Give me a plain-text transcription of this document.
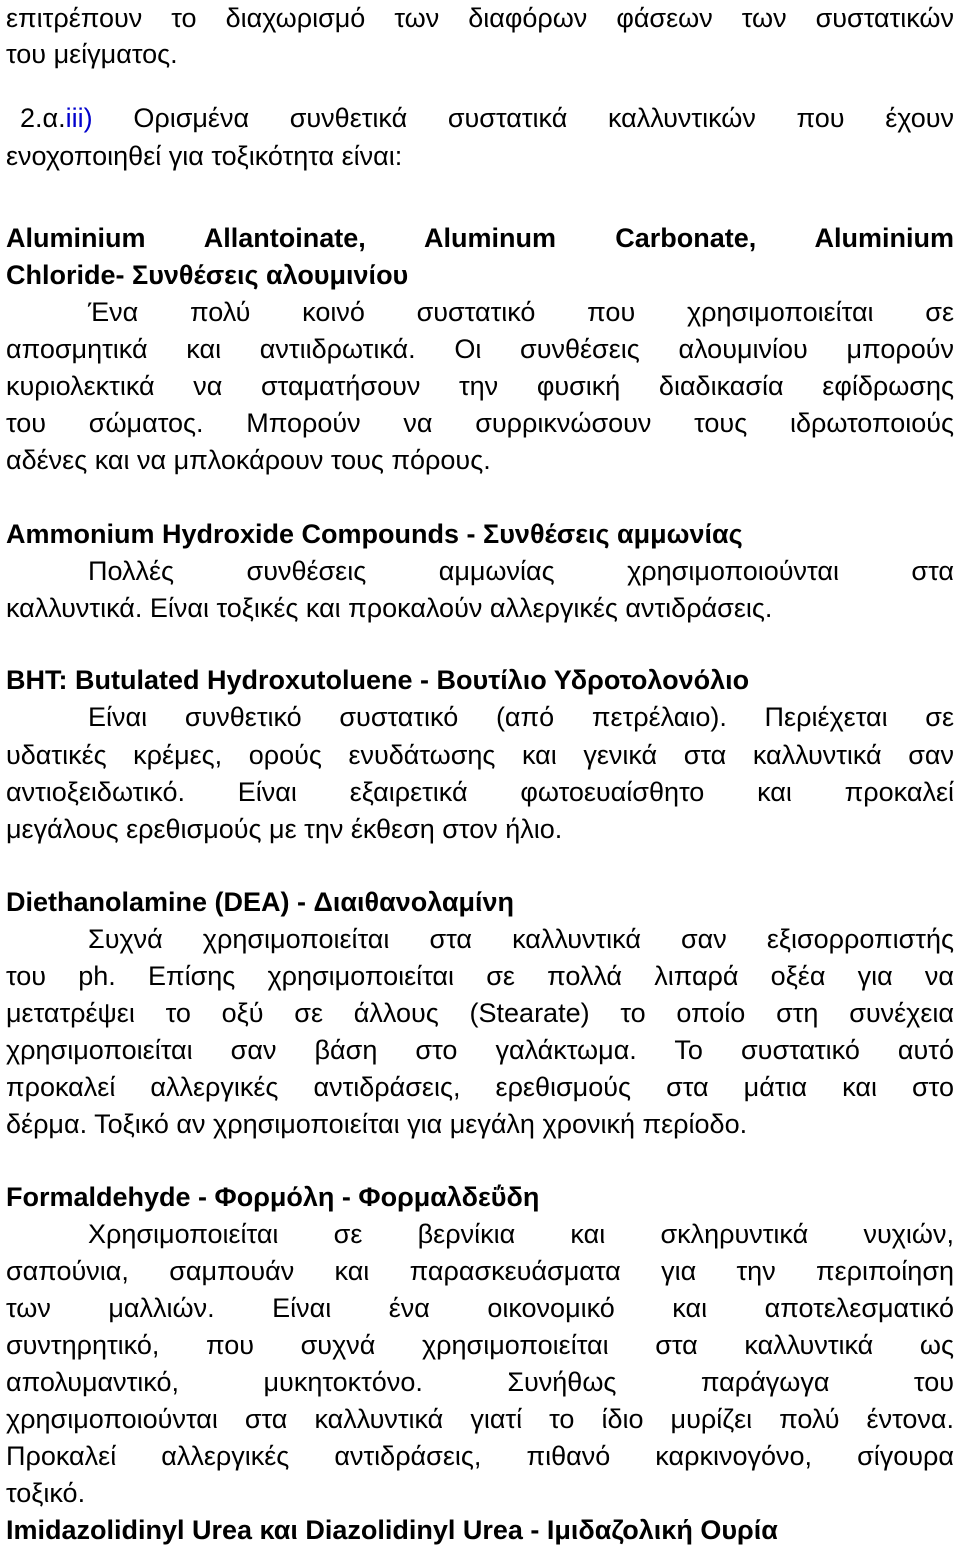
επιτρέπουν το διαχωρισμό των διαφόρων φάσεων των συστατικών
του μείγματος.
2.α.iii) Ορισμένα συνθετικά συστατικά καλλυντικών που έχουν
ενοχοποιηθεί για τοξικότητα είναι:
Aluminium Allantoinate, Aluminum Carbonate, Aluminium
Chloride- Συνθέσεις αλουμινίου
Ένα πολύ κοινό συστατικό που χρησιμοποιείται σε
αποσμητικά και αντιιδρωτικά. Οι συνθέσεις αλουμινίου μπορούν
κυριολεκτικά να σταματήσουν την φυσική διαδικασία εφίδρωσης
του σώματος. Μπορούν να συρρικνώσουν τους ιδρωτοποιούς
αδένες και να μπλοκάρουν τους πόρους.
Ammonium Hydroxide Compounds - Συνθέσεις αμμωνίας
Πολλές συνθέσεις αμμωνίας χρησιμοποιούνται στα
καλλυντικά. Είναι τοξικές και προκαλούν αλλεργικές αντιδράσεις.
BHT: Butulated Hydroxutoluene - Βουτίλιο Υδροτολονόλιο
Είναι συνθετικό συστατικό (από πετρέλαιο). Περιέχεται σε
υδατικές κρέμες, ορούς ενυδάτωσης και γενικά στα καλλυντικά σαν
αντιοξειδωτικό. Είναι εξαιρετικά φωτοευαίσθητο και προκαλεί
μεγάλους ερεθισμούς με την έκθεση στον ήλιο.
Diethanolamine (DEA) - Διαιθανολαμίνη
Συχνά χρησιμοποιείται στα καλλυντικά σαν εξισορροπιστής
του ph. Επίσης χρησιμοποιείται σε πολλά λιπαρά οξέα για να
μετατρέψει το οξύ σε άλλους (Stearate) το οποίο στη συνέχεια
χρησιμοποιείται σαν βάση στο γαλάκτωμα. Το συστατικό αυτό
προκαλεί αλλεργικές αντιδράσεις, ερεθισμούς στα μάτια και στο
δέρμα. Τοξικό αν χρησιμοποιείται για μεγάλη χρονική περίοδο.
Formaldehyde - Φορμόλη - Φορμαλδεΰδη
Χρησιμοποιείται σε βερνίκια και σκληρυντικά νυχιών,
σαπούνια, σαμπουάν και παρασκευάσματα για την περιποίηση
των μαλλιών. Είναι ένα οικονομικό και αποτελεσματικό
συντηρητικό, που συχνά χρησιμοποιείται στα καλλυντικά ως
απολυμαντικό, μυκητοκτόνο. Συνήθως παράγωγα του
χρησιμοποιούνται στα καλλυντικά γιατί το ίδιο μυρίζει πολύ έντονα.
Προκαλεί αλλεργικές αντιδράσεις, πιθανό καρκινογόνο, σίγουρα
τοξικό.
Imidazolidinyl Urea και Diazolidinyl Urea - Ιμιδαζολική Ουρία
